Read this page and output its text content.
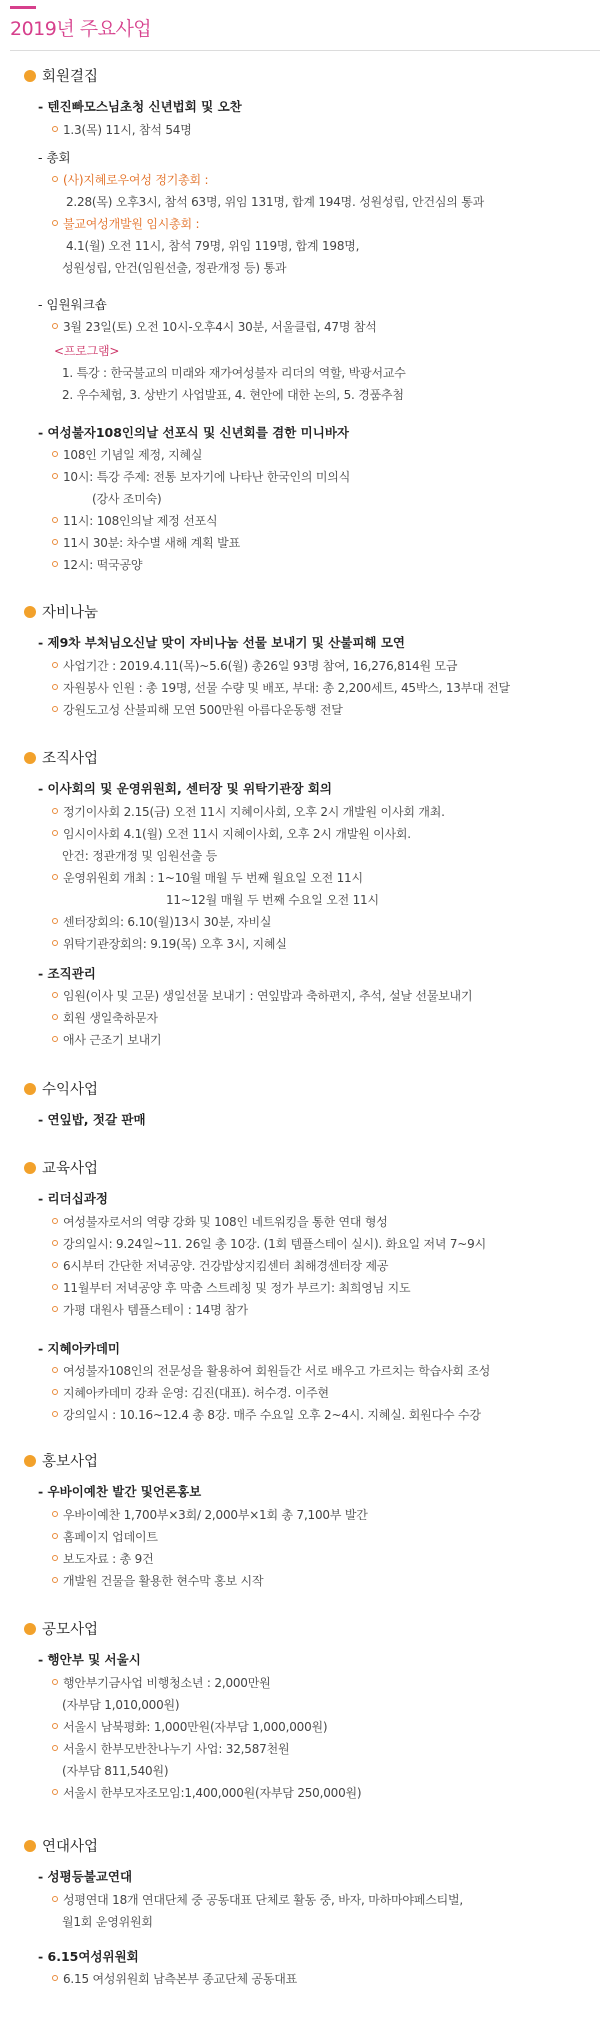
2019년 주요사업
회원결집
- 텐진빠모스님초청 신년법회 및 오찬
1.3(목) 11시, 참석 54명
- 총회
(사)지혜로우여성 정기총회 :
2.28(목) 오후3시, 참석 63명, 위임 131명, 합계 194명. 성원성립, 안건심의 통과
불교여성개발원 임시총회 :
4.1(월) 오전 11시, 참석 79명, 위임 119명, 합계 198명,
성원성립, 안건(임원선출, 정관개정 등) 통과
- 임원워크숍
3월 23일(토) 오전 10시-오후4시 30분, 서울클럽, 47명 참석
<프로그램>
1. 특강 : 한국불교의 미래와 재가여성불자 리더의 역할, 박광서교수
2. 우수체험, 3. 상반기 사업발표, 4. 현안에 대한 논의, 5. 경품추첨
- 여성불자108인의날 선포식 및 신년회를 겸한 미니바자
108인 기념일 제정, 지혜실
10시: 특강 주제: 전통 보자기에 나타난 한국인의 미의식
(강사 조미숙)
11시: 108인의날 제정 선포식
11시 30분: 차수별 새해 계획 발표
12시: 떡국공양
자비나눔
- 제9차 부처님오신날 맞이 자비나눔 선물 보내기 및 산불피해 모연
사업기간 : 2019.4.11(목)~5.6(월) 총26일 93명 참여, 16,276,814원 모금
자원봉사 인원 : 총 19명, 선물 수량 및 배포, 부대: 총 2,200세트, 45박스, 13부대 전달
강원도고성 산불피해 모연 500만원 아름다운동행 전달
조직사업
- 이사회의 및 운영위원회, 센터장 및 위탁기관장 회의
정기이사회 2.15(금) 오전 11시 지혜이사회, 오후 2시 개발원 이사회 개최.
임시이사회 4.1(월) 오전 11시 지혜이사회, 오후 2시 개발원 이사회.
안건: 정관개정 및 임원선출 등
운영위원회 개최 : 1~10월 매월 두 번째 월요일 오전 11시
11~12월 매월 두 번째 수요일 오전 11시
센터장회의: 6.10(월)13시 30분, 자비실
위탁기관장회의: 9.19(목) 오후 3시, 지혜실
- 조직관리
임원(이사 및 고문) 생일선물 보내기 : 연잎밥과 축하편지, 추석, 설날 선물보내기
회원 생일축하문자
애사 근조기 보내기
수익사업
- 연잎밥, 젓갈 판매
교육사업
- 리더십과정
여성불자로서의 역량 강화 및 108인 네트워킹을 통한 연대 형성
강의일시: 9.24일~11. 26일 총 10강. (1회 템플스테이 실시). 화요일 저녁 7~9시
6시부터 간단한 저녁공양. 건강밥상지킴센터 최해경센터장 제공
11월부터 저녁공양 후 막춤 스트레칭 및 정가 부르기: 최희영님 지도
가평 대원사 템플스테이 : 14명 참가
- 지혜아카데미
여성불자108인의 전문성을 활용하여 회원들간 서로 배우고 가르치는 학습사회 조성
지혜아카데미 강좌 운영: 김진(대표). 허수경. 이주현
강의일시 : 10.16~12.4 총 8강. 매주 수요일 오후 2~4시. 지혜실. 회원다수 수강
홍보사업
- 우바이예찬 발간 및언론홍보
우바이예찬 1,700부×3회/ 2,000부×1회 총 7,100부 발간
홈페이지 업데이트
보도자료 : 총 9건
개발원 건물을 활용한 현수막 홍보 시작
공모사업
- 행안부 및 서울시
행안부기금사업 비행청소년 : 2,000만원
(자부담 1,010,000원)
서울시 남북평화: 1,000만원(자부담 1,000,000원)
서울시 한부모반찬나누기 사업: 32,587천원
(자부담 811,540원)
서울시 한부모자조모임:1,400,000원(자부담 250,000원)
연대사업
- 성평등불교연대
성평연대 18개 연대단체 중 공동대표 단체로 활동 중, 바자, 마하마야페스티벌,
월1회 운영위원회
- 6.15여성위원회
6.15 여성위원회 남측본부 종교단체 공동대표
